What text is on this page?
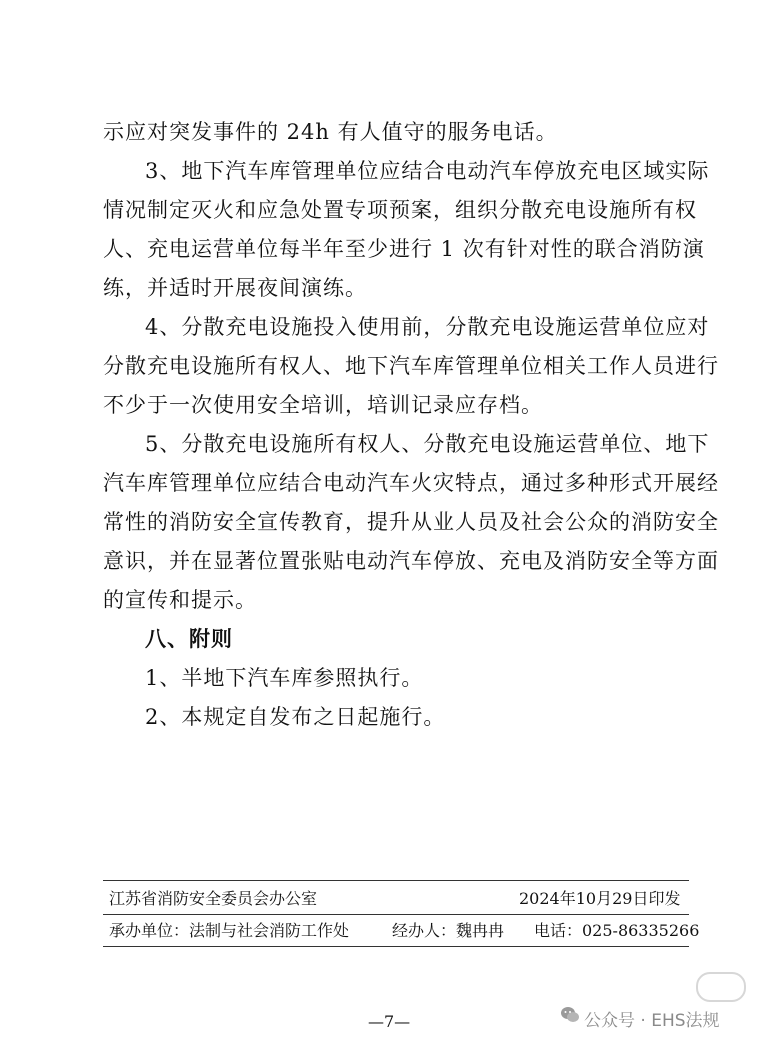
示应对突发事件的 24h 有人值守的服务电话。
3、地下汽车库管理单位应结合电动汽车停放充电区域实际
情况制定灭火和应急处置专项预案，组织分散充电设施所有权
人、充电运营单位每半年至少进行 1 次有针对性的联合消防演
练，并适时开展夜间演练。
4、分散充电设施投入使用前，分散充电设施运营单位应对
分散充电设施所有权人、地下汽车库管理单位相关工作人员进行
不少于一次使用安全培训，培训记录应存档。
5、分散充电设施所有权人、分散充电设施运营单位、地下
汽车库管理单位应结合电动汽车火灾特点，通过多种形式开展经
常性的消防安全宣传教育，提升从业人员及社会公众的消防安全
意识，并在显著位置张贴电动汽车停放、充电及消防安全等方面
的宣传和提示。
八、附则
1、半地下汽车库参照执行。
2、本规定自发布之日起施行。
江苏省消防安全委员会办公室	2024年10月29日印发
承办单位：法制与社会消防工作处	经办人：魏冉冉 电话：025-86335266
公众号 · EHS法规
—7—
